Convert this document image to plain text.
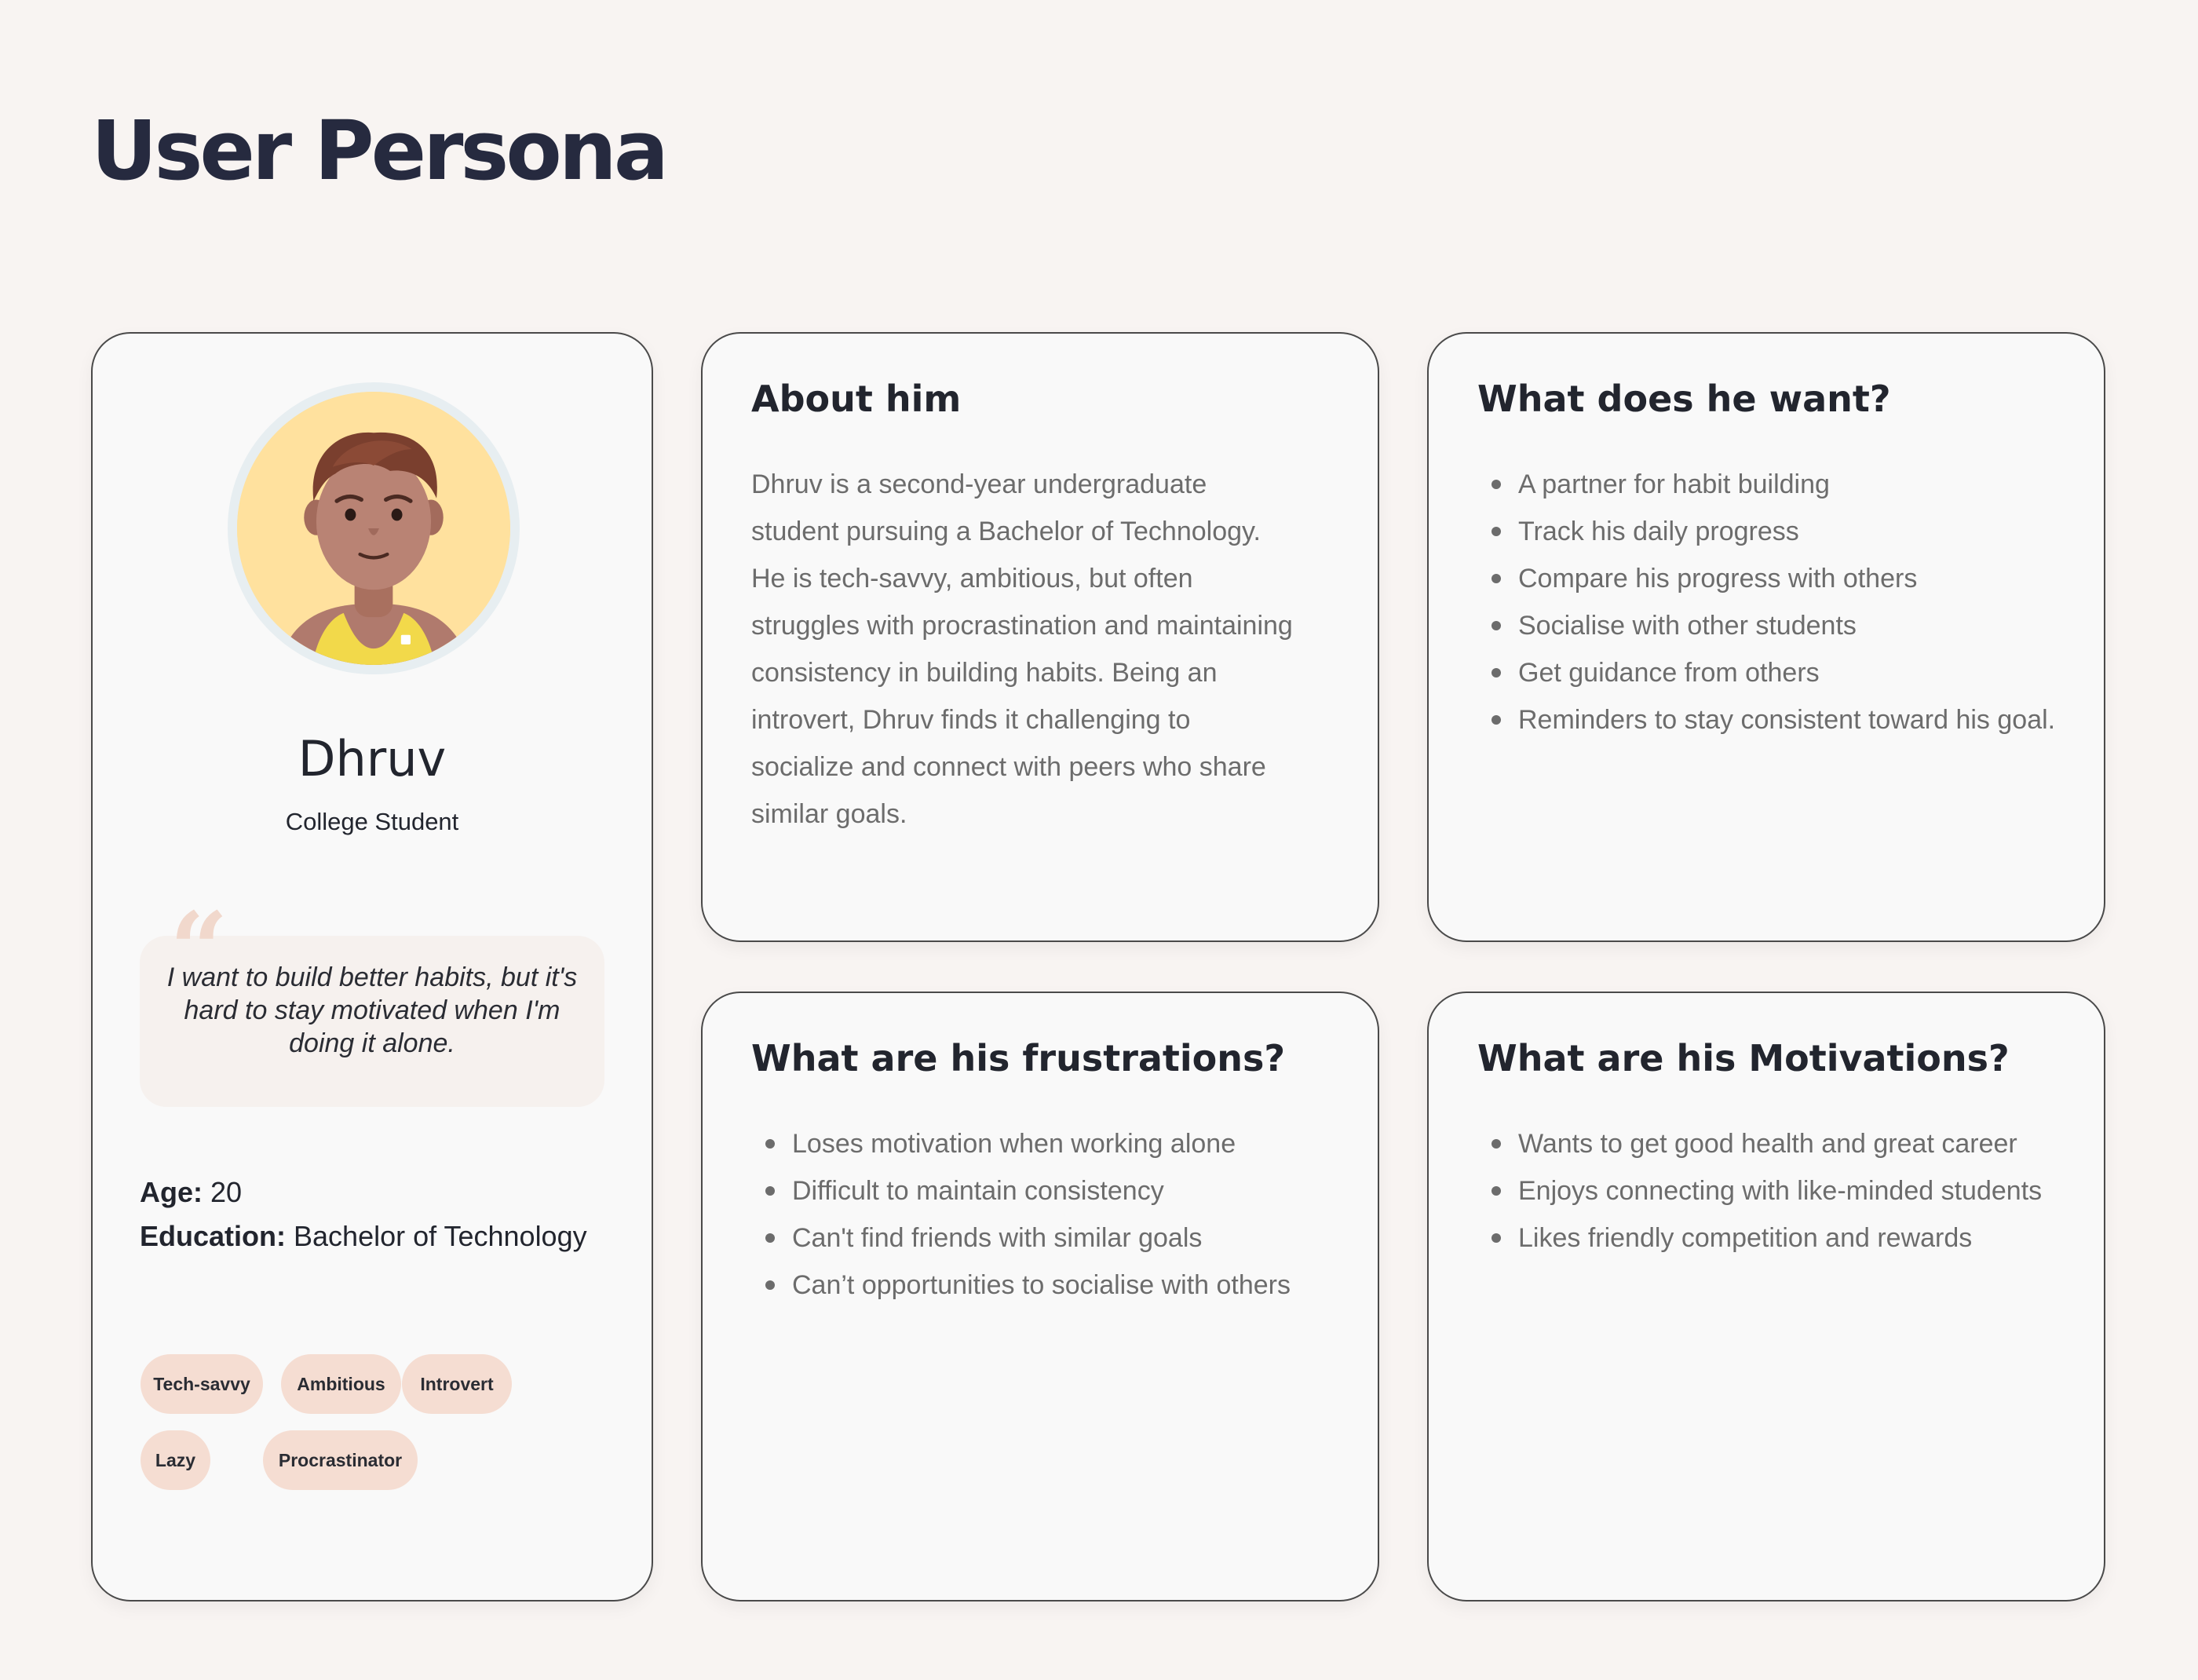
User Persona
Dhruv
College Student

I want to build better habits, but it's hard to stay motivated when I'm doing it alone.

“
Age: 20
Education: Bachelor of Technology
Tech-savvy	Ambitious	Introvert
Lazy	Procrastinator
About him

Dhruv is a second-year undergraduate student pursuing a Bachelor of Technology. He is tech-savvy, ambitious, but often struggles with procrastination and maintaining consistency in building habits. Being an introvert, Dhruv finds it challenging to socialize and connect with peers who share similar goals.

What does he want?
A partner for habit building
Track his daily progress
Compare his progress with others
Socialise with other students
Get guidance from others
Reminders to stay consistent toward his goal.
What are his frustrations?
Loses motivation when working alone
Difficult to maintain consistency
Can't find friends with similar goals
Can’t opportunities to socialise with others
What are his Motivations?
Wants to get good health and great career
Enjoys connecting with like-minded students
Likes friendly competition and rewards
